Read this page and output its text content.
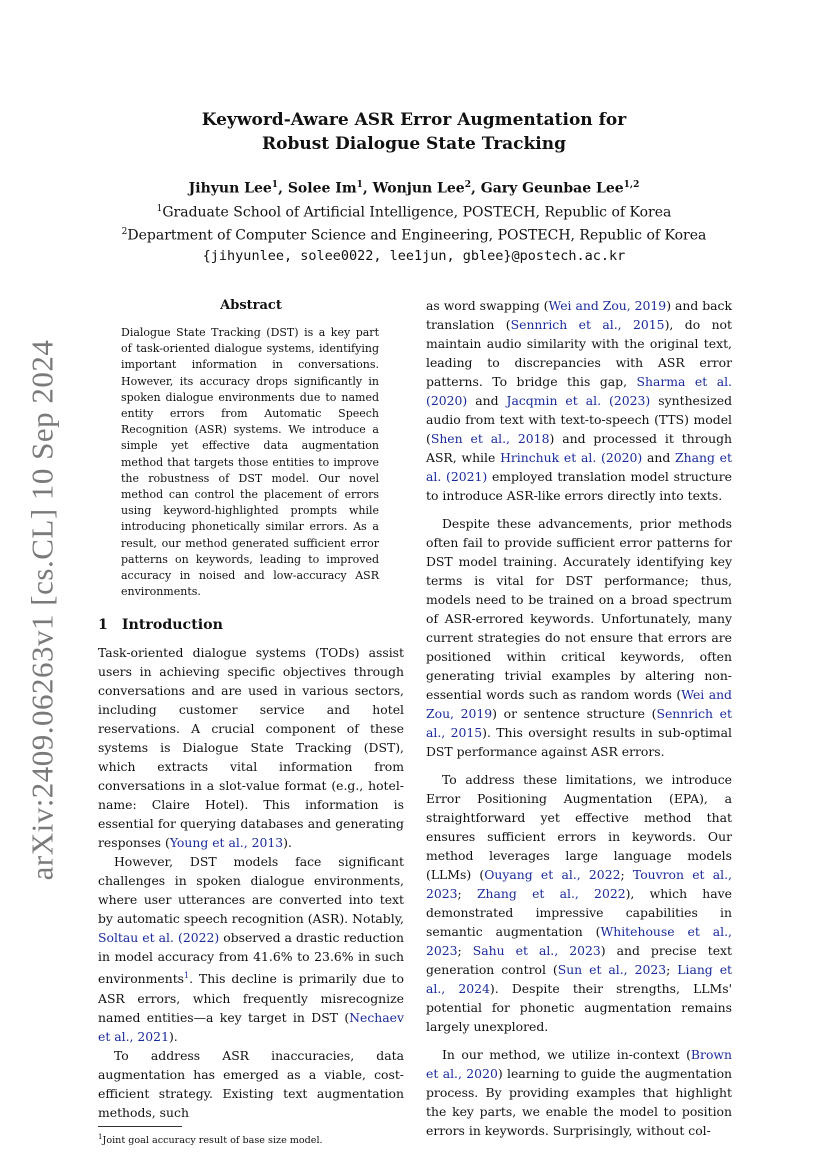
arXiv:2409.06263v1 [cs.CL] 10 Sep 2024
Keyword-Aware ASR Error Augmentation for
Robust Dialogue State Tracking
Jihyun Lee$^1$, Solee Im$^1$, Wonjun Lee$^2$, Gary Geunbae Lee$^{1,2}$
$^1$Graduate School of Artificial Intelligence, POSTECH, Republic of Korea
$^2$Department of Computer Science and Engineering, POSTECH, Republic of Korea
{jihyunlee, solee0022, lee1jun, gblee}@postech.ac.kr
Abstract
Dialogue State Tracking (DST) is a key part of task-oriented dialogue systems, identifying important information in conversations. However, its accuracy drops significantly in spoken dialogue environments due to named entity errors from Automatic Speech Recognition (ASR) systems. We introduce a simple yet effective data augmentation method that targets those entities to improve the robustness of DST model. Our novel method can control the placement of errors using keyword-highlighted prompts while introducing phonetically similar errors. As a result, our method generated sufficient error patterns on keywords, leading to improved accuracy in noised and low-accuracy ASR environments.
1 Introduction

Task-oriented dialogue systems (TODs) assist users in achieving specific objectives through conversations and are used in various sectors, including customer service and hotel reservations. A crucial component of these systems is Dialogue State Tracking (DST), which extracts vital information from conversations in a slot-value format (e.g., hotel-name: Claire Hotel). This information is essential for querying databases and generating responses (Young et al., 2013).

However, DST models face significant challenges in spoken dialogue environments, where user utterances are converted into text by automatic speech recognition (ASR). Notably, Soltau et al. (2022) observed a drastic reduction in model accuracy from 41.6% to 23.6% in such environments$^1$. This decline is primarily due to ASR errors, which frequently misrecognize named entities—a key target in DST (Nechaev et al., 2021).

To address ASR inaccuracies, data augmentation has emerged as a viable, cost-efficient strategy. Existing text augmentation methods, such

$^1$Joint goal accuracy result of base size model.

as word swapping (Wei and Zou, 2019) and back translation (Sennrich et al., 2015), do not maintain audio similarity with the original text, leading to discrepancies with ASR error patterns. To bridge this gap, Sharma et al. (2020) and Jacqmin et al. (2023) synthesized audio from text with text-to-speech (TTS) model (Shen et al., 2018) and processed it through ASR, while Hrinchuk et al. (2020) and Zhang et al. (2021) employed translation model structure to introduce ASR-like errors directly into texts.

Despite these advancements, prior methods often fail to provide sufficient error patterns for DST model training. Accurately identifying key terms is vital for DST performance; thus, models need to be trained on a broad spectrum of ASR-errored keywords. Unfortunately, many current strategies do not ensure that errors are positioned within critical keywords, often generating trivial examples by altering non-essential words such as random words (Wei and Zou, 2019) or sentence structure (Sennrich et al., 2015). This oversight results in sub-optimal DST performance against ASR errors.

To address these limitations, we introduce Error Positioning Augmentation (EPA), a straightforward yet effective method that ensures sufficient errors in keywords. Our method leverages large language models (LLMs) (Ouyang et al., 2022; Touvron et al., 2023; Zhang et al., 2022), which have demonstrated impressive capabilities in semantic augmentation (Whitehouse et al., 2023; Sahu et al., 2023) and precise text generation control (Sun et al., 2023; Liang et al., 2024). Despite their strengths, LLMs' potential for phonetic augmentation remains largely unexplored.

In our method, we utilize in-context (Brown et al., 2020) learning to guide the augmentation process. By providing examples that highlight the key parts, we enable the model to position errors in keywords. Surprisingly, without col-
